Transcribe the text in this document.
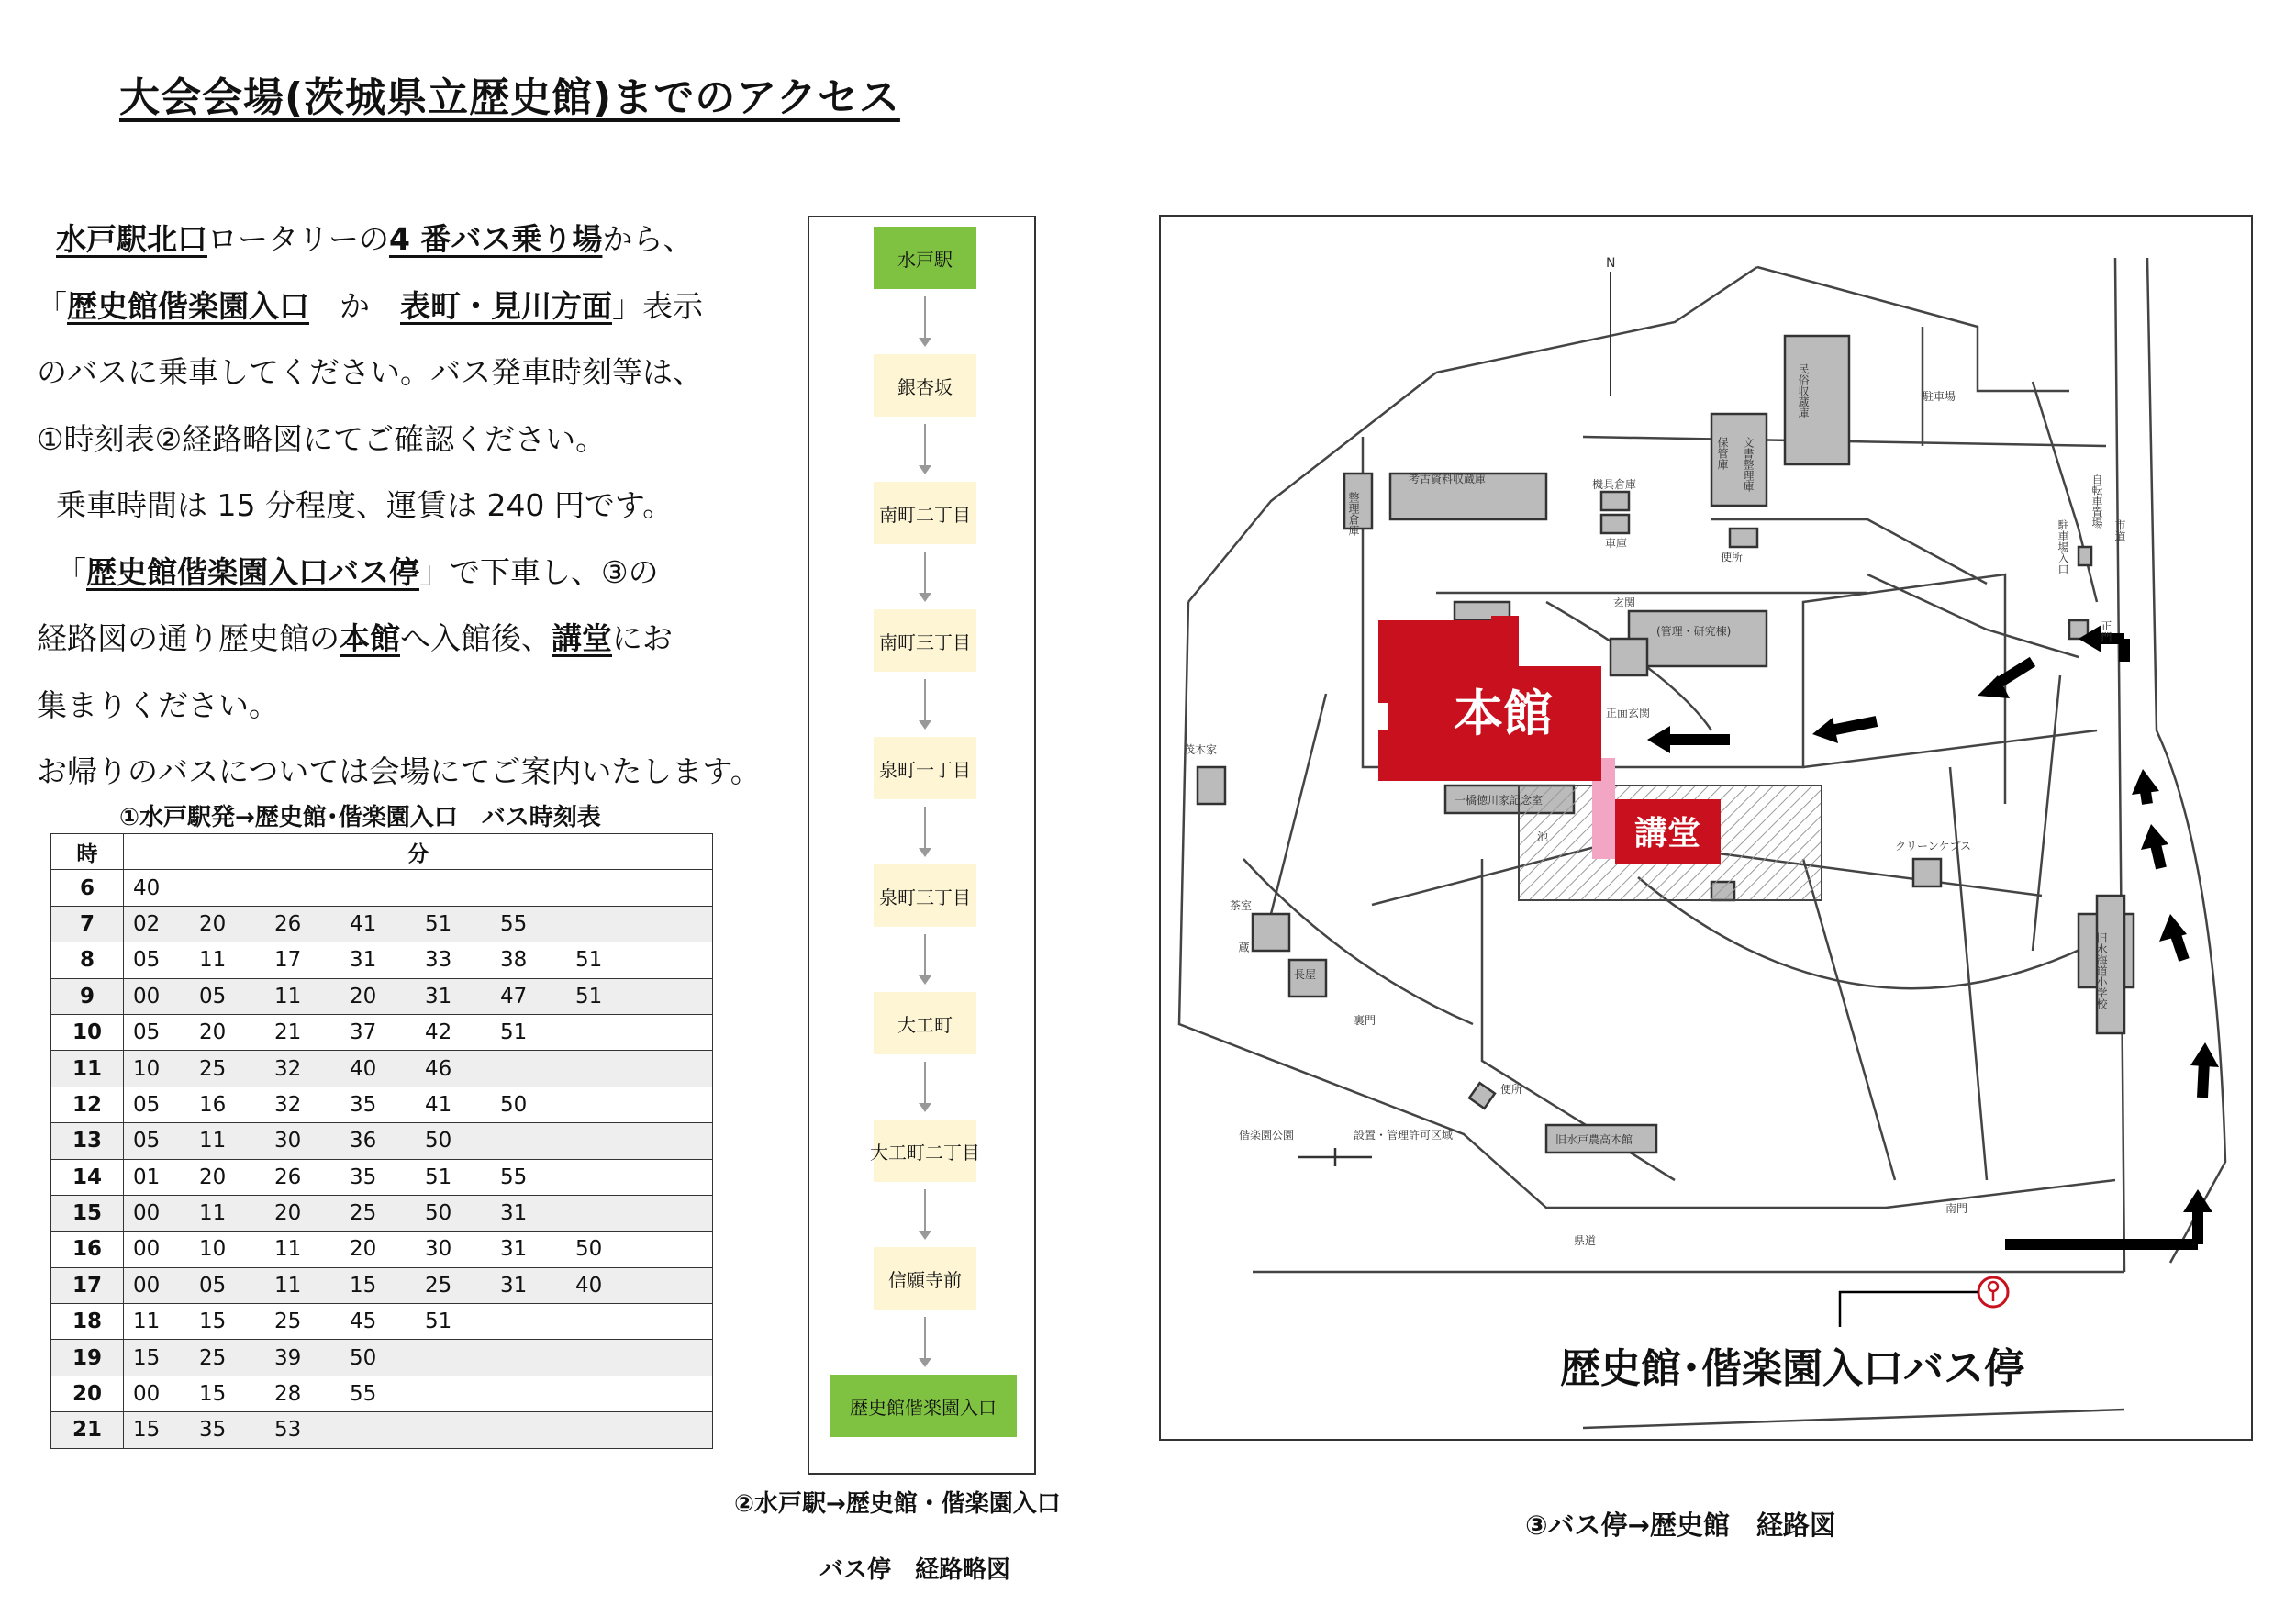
大会会場(茨城県立歴史館)までのアクセス

水戸駅北口ロータリーの4 番バス乗り場から、

「歴史館偕楽園入口　 か　 表町・見川方面」表示

のバスに乗車してください。バス発車時刻等は、

①時刻表②経路略図にてご確認ください。

乗車時間は 15 分程度、運賃は 240 円です。

「歴史館偕楽園入口バス停」で下車し、③の

経路図の通り歴史館の本館へ入館後、講堂にお

集まりください。

お帰りのバスについては会場にてご案内いたします。

①水戸駅発→歴史館･偕楽園入口　バス時刻表
時	分
6	40
7	02 20 26 41 51 55
8	05 11 17 31 33 38 51
9	00 05 11 20 31 47 51
10	05 20 21 37 42 51
11	10 25 32 40 46
12	05 16 32 35 41 50
13	05 11 30 36 50
14	01 20 26 35 51 55
15	00 11 20 25 50 31
16	00 10 11 20 30 31 50
17	00 05 11 15 25 31 40
18	11 15 25 45 51
19	15 25 39 50
20	00 15 28 55
21	15 35 53
水戸駅
銀杏坂
南町二丁目
南町三丁目
泉町一丁目
泉町三丁目
大工町
大工町二丁目
信願寺前
歴史館偕楽園入口
②水戸駅→歴史館・偕楽園入口
バス停　経路略図
本館
講堂
歴史館･偕楽園入口バス停
民俗収蔵庫	駐車場
文書整理庫
保管庫
考古資料収蔵庫	機具倉庫
整理倉庫
車庫
便所
自転車置場
駐車場入口
正門
市道
玄関
(管理・研究棟)
正面玄関
一橋徳川家記念室
池
茂木家
茶室
蔵
長屋
裏門
旧水海道小学校
偕楽園公園	設置・管理許可区域	旧水戸農高本館
便所
南門
県道
クリーンケブス
N
③バス停→歴史館　経路図
